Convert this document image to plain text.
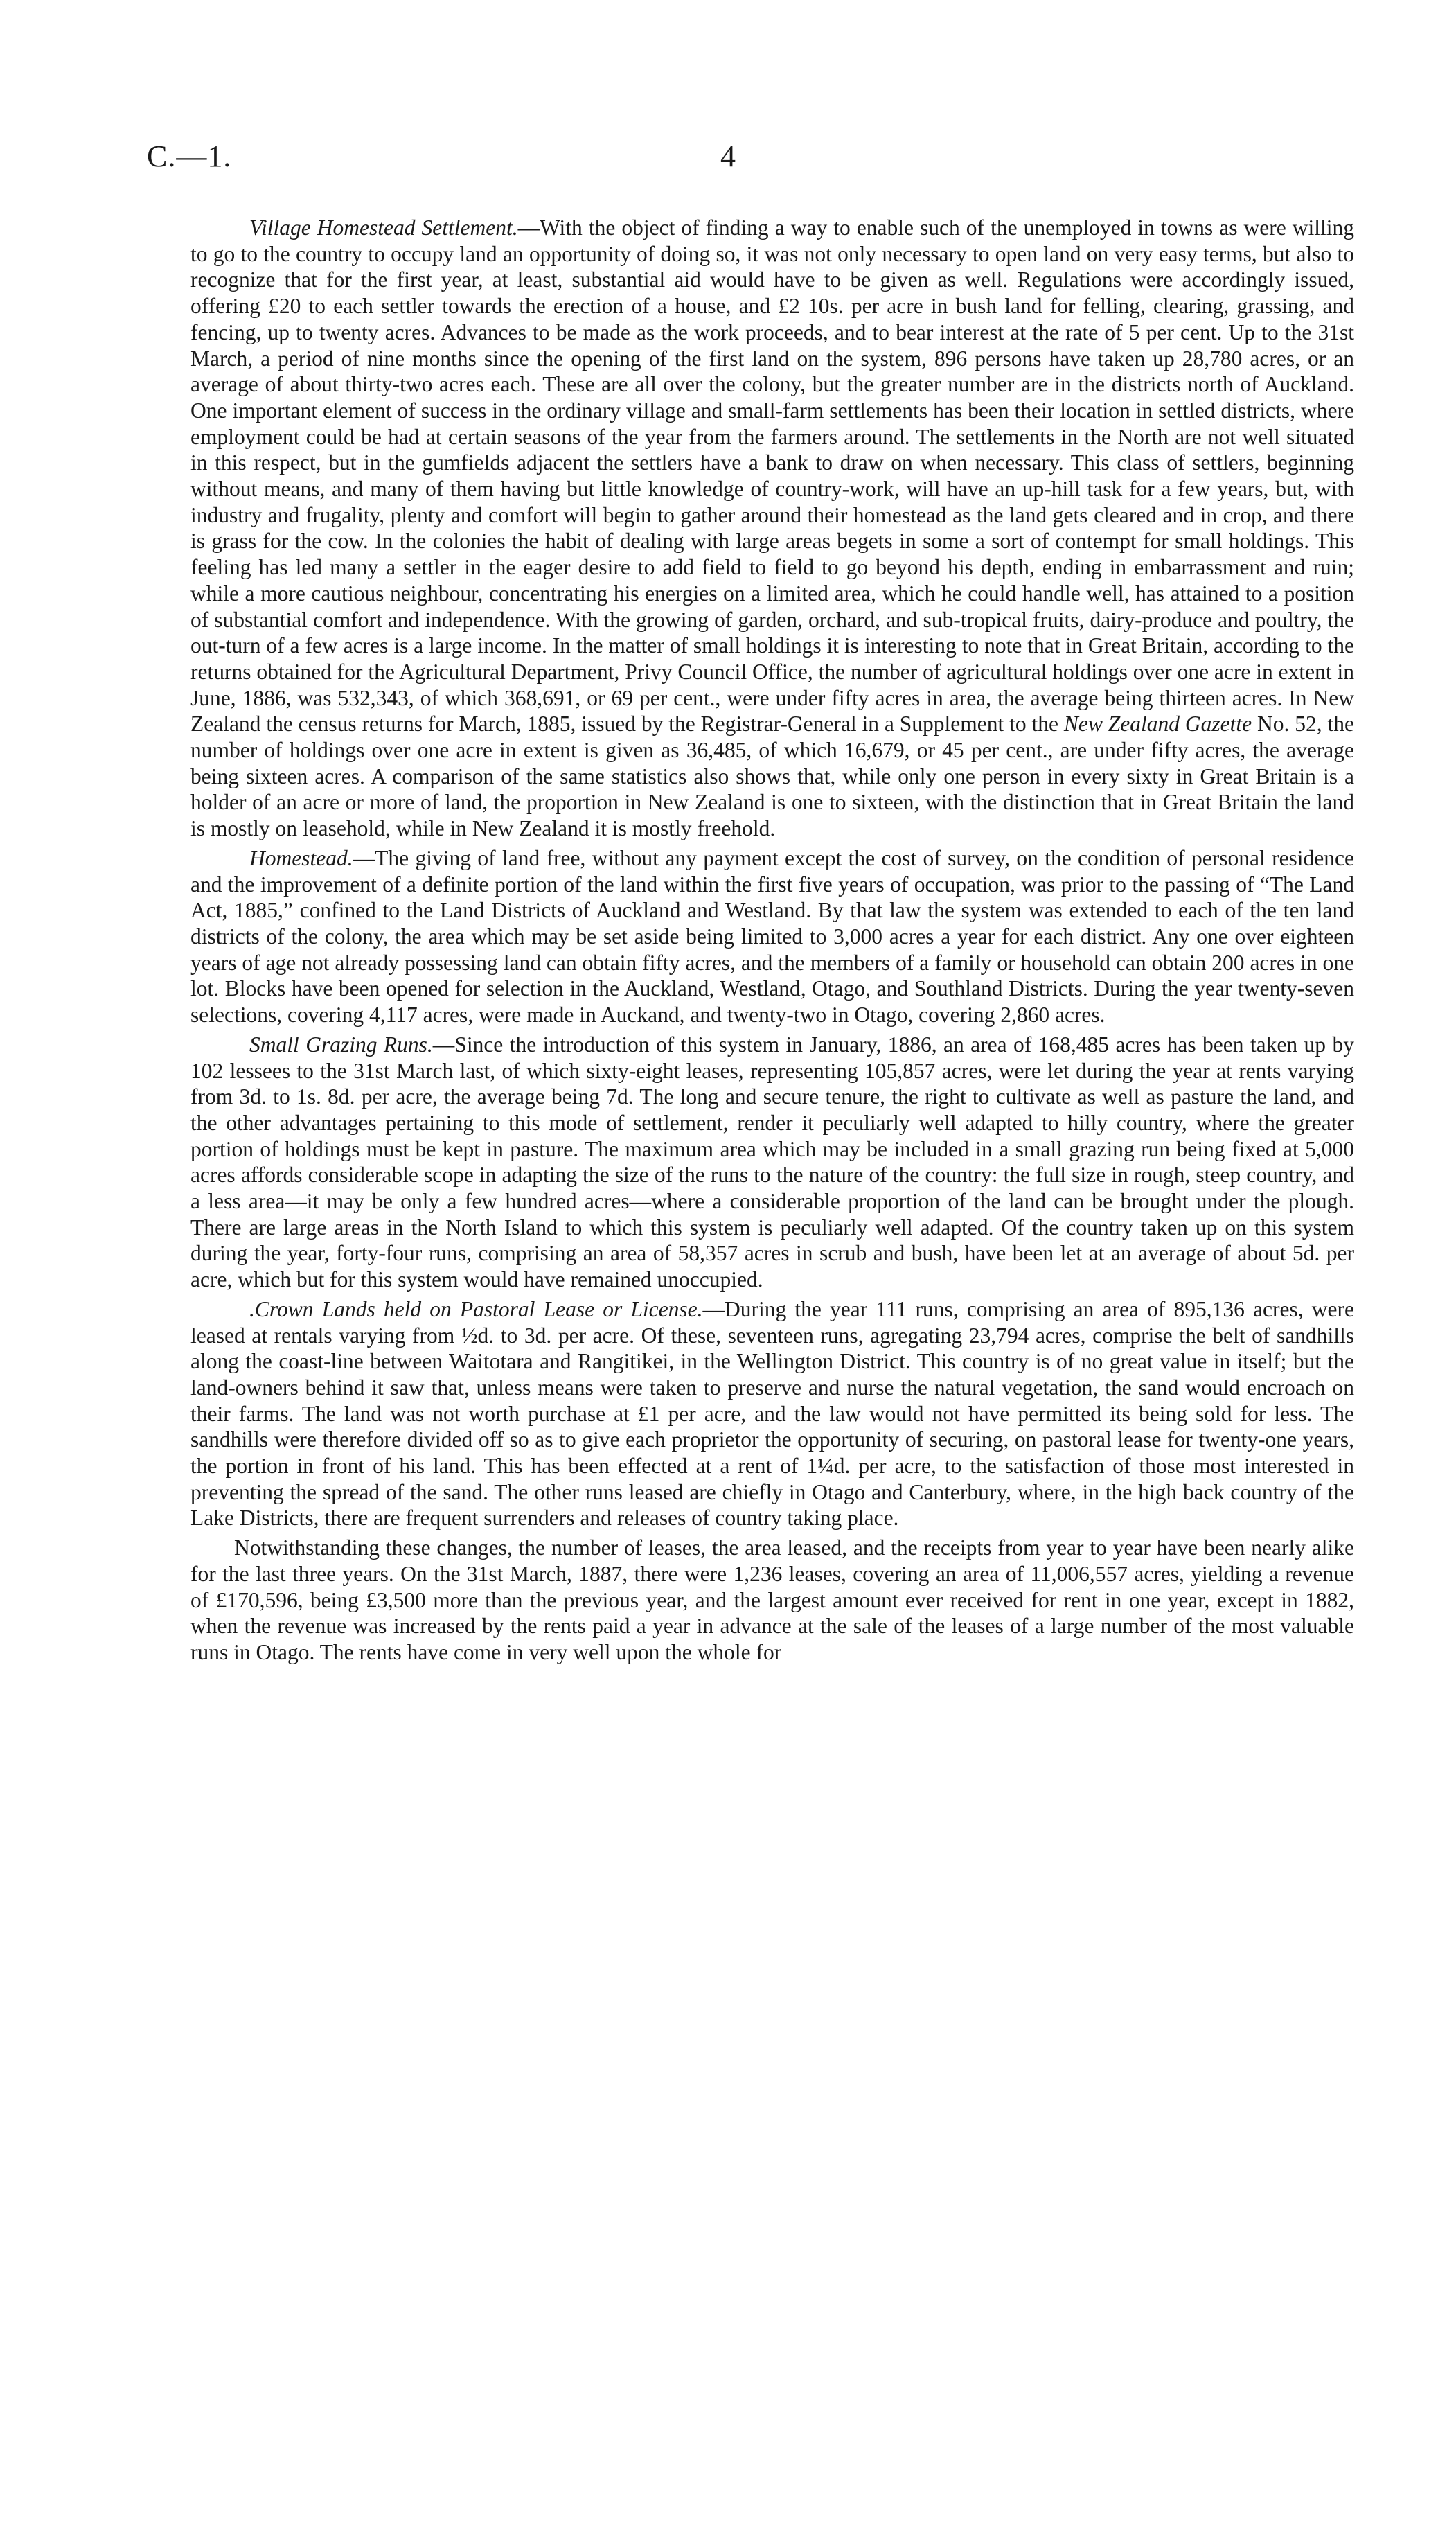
C.—1.	4

Village Homestead Settlement.—With the object of finding a way to enable such of the unemployed in towns as were willing to go to the country to occupy land an opportunity of doing so, it was not only necessary to open land on very easy terms, but also to recognize that for the first year, at least, substantial aid would have to be given as well. Regulations were accordingly issued, offering £20 to each settler towards the erection of a house, and £2 10s. per acre in bush land for felling, clearing, grassing, and fencing, up to twenty acres. Advances to be made as the work proceeds, and to bear interest at the rate of 5 per cent. Up to the 31st March, a period of nine months since the opening of the first land on the system, 896 persons have taken up 28,780 acres, or an average of about thirty-two acres each. These are all over the colony, but the greater number are in the districts north of Auckland. One important element of success in the ordinary village and small-farm settlements has been their location in settled districts, where employment could be had at certain seasons of the year from the farmers around. The settlements in the North are not well situated in this respect, but in the gumfields adjacent the settlers have a bank to draw on when necessary. This class of settlers, beginning without means, and many of them having but little knowledge of country-work, will have an up-hill task for a few years, but, with industry and frugality, plenty and comfort will begin to gather around their homestead as the land gets cleared and in crop, and there is grass for the cow. In the colonies the habit of dealing with large areas begets in some a sort of contempt for small holdings. This feeling has led many a settler in the eager desire to add field to field to go beyond his depth, ending in embarrassment and ruin; while a more cautious neighbour, concentrating his energies on a limited area, which he could handle well, has attained to a position of substantial comfort and independence. With the growing of garden, orchard, and sub-tropical fruits, dairy-produce and poultry, the out-turn of a few acres is a large income. In the matter of small holdings it is interesting to note that in Great Britain, according to the returns obtained for the Agricultural Department, Privy Council Office, the number of agricultural holdings over one acre in extent in June, 1886, was 532,343, of which 368,691, or 69 per cent., were under fifty acres in area, the average being thirteen acres. In New Zealand the census returns for March, 1885, issued by the Registrar-General in a Supplement to the New Zealand Gazette No. 52, the number of holdings over one acre in extent is given as 36,485, of which 16,679, or 45 per cent., are under fifty acres, the average being sixteen acres. A comparison of the same statistics also shows that, while only one person in every sixty in Great Britain is a holder of an acre or more of land, the proportion in New Zealand is one to sixteen, with the distinction that in Great Britain the land is mostly on leasehold, while in New Zealand it is mostly freehold.

Homestead.—The giving of land free, without any payment except the cost of survey, on the condition of personal residence and the improvement of a definite portion of the land within the first five years of occupation, was prior to the passing of “The Land Act, 1885,” confined to the Land Districts of Auckland and Westland. By that law the system was extended to each of the ten land districts of the colony, the area which may be set aside being limited to 3,000 acres a year for each district. Any one over eighteen years of age not already possessing land can obtain fifty acres, and the members of a family or household can obtain 200 acres in one lot. Blocks have been opened for selection in the Auckland, Westland, Otago, and Southland Districts. During the year twenty-seven selections, covering 4,117 acres, were made in Auckand, and twenty-two in Otago, covering 2,860 acres.

Small Grazing Runs.—Since the introduction of this system in January, 1886, an area of 168,485 acres has been taken up by 102 lessees to the 31st March last, of which sixty-eight leases, representing 105,857 acres, were let during the year at rents varying from 3d. to 1s. 8d. per acre, the average being 7d. The long and secure tenure, the right to cultivate as well as pasture the land, and the other advantages pertaining to this mode of settlement, render it peculiarly well adapted to hilly country, where the greater portion of holdings must be kept in pasture. The maximum area which may be included in a small grazing run being fixed at 5,000 acres affords considerable scope in adapting the size of the runs to the nature of the country: the full size in rough, steep country, and a less area—it may be only a few hundred acres—where a considerable proportion of the land can be brought under the plough. There are large areas in the North Island to which this system is peculiarly well adapted. Of the country taken up on this system during the year, forty-four runs, comprising an area of 58,357 acres in scrub and bush, have been let at an average of about 5d. per acre, which but for this system would have remained unoccupied.

.Crown Lands held on Pastoral Lease or License.—During the year 111 runs, comprising an area of 895,136 acres, were leased at rentals varying from ½d. to 3d. per acre. Of these, seventeen runs, agregating 23,794 acres, comprise the belt of sandhills along the coast-line between Waitotara and Rangitikei, in the Wellington District. This country is of no great value in itself; but the land-owners behind it saw that, unless means were taken to preserve and nurse the natural vegetation, the sand would encroach on their farms. The land was not worth purchase at £1 per acre, and the law would not have permitted its being sold for less. The sandhills were therefore divided off so as to give each proprietor the opportunity of securing, on pastoral lease for twenty-one years, the portion in front of his land. This has been effected at a rent of 1¼d. per acre, to the satisfaction of those most interested in preventing the spread of the sand. The other runs leased are chiefly in Otago and Canterbury, where, in the high back country of the Lake Districts, there are frequent surrenders and releases of country taking place.

Notwithstanding these changes, the number of leases, the area leased, and the receipts from year to year have been nearly alike for the last three years. On the 31st March, 1887, there were 1,236 leases, covering an area of 11,006,557 acres, yielding a revenue of £170,596, being £3,500 more than the previous year, and the largest amount ever received for rent in one year, except in 1882, when the revenue was increased by the rents paid a year in advance at the sale of the leases of a large number of the most valuable runs in Otago. The rents have come in very well upon the whole for
